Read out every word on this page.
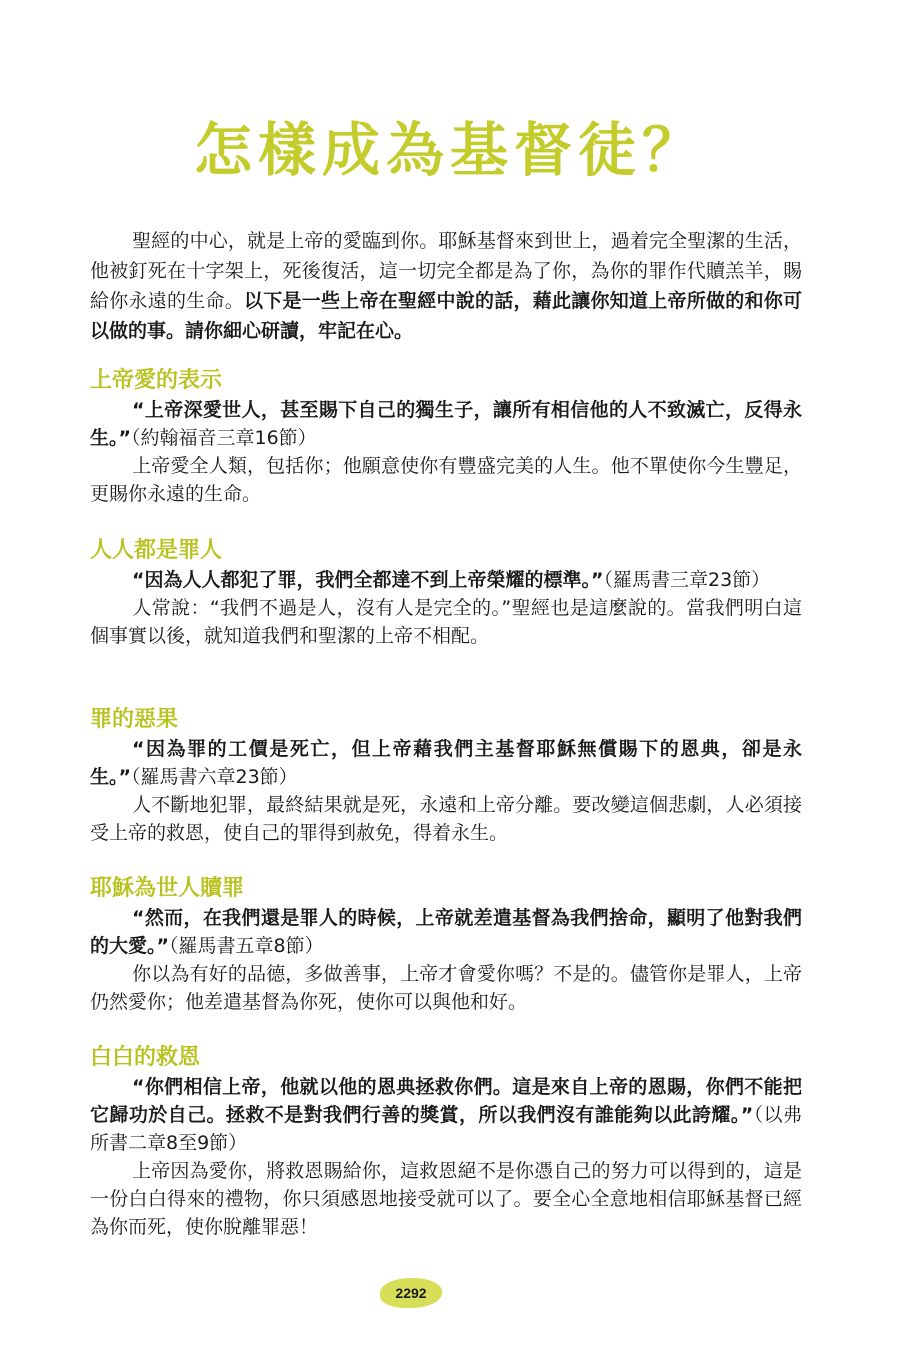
怎樣成為基督徒？
聖經的中心，就是上帝的愛臨到你。耶穌基督來到世上，過着完全聖潔的生活，他被釘死在十字架上，死後復活，這一切完全都是為了你，為你的罪作代贖羔羊，賜給你永遠的生命。以下是一些上帝在聖經中說的話，藉此讓你知道上帝所做的和你可以做的事。請你細心研讀，牢記在心。
上帝愛的表示

“上帝深愛世人，甚至賜下自己的獨生子，讓所有相信他的人不致滅亡，反得永生。”（約翰福音三章16節）

上帝愛全人類，包括你；他願意使你有豐盛完美的人生。他不單使你今生豐足，更賜你永遠的生命。

人人都是罪人

“因為人人都犯了罪，我們全都達不到上帝榮耀的標準。”（羅馬書三章23節）

人常說：“我們不過是人，沒有人是完全的。”聖經也是這麼說的。當我們明白這個事實以後，就知道我們和聖潔的上帝不相配。

罪的惡果

“因為罪的工價是死亡，但上帝藉我們主基督耶穌無償賜下的恩典，卻是永生。”（羅馬書六章23節）

人不斷地犯罪，最終結果就是死，永遠和上帝分離。要改變這個悲劇，人必須接受上帝的救恩，使自己的罪得到赦免，得着永生。

耶穌為世人贖罪

“然而，在我們還是罪人的時候，上帝就差遣基督為我們捨命，顯明了他對我們的大愛。”（羅馬書五章8節）

你以為有好的品德，多做善事，上帝才會愛你嗎？不是的。儘管你是罪人，上帝仍然愛你；他差遣基督為你死，使你可以與他和好。

白白的救恩

“你們相信上帝，他就以他的恩典拯救你們。這是來自上帝的恩賜，你們不能把它歸功於自己。拯救不是對我們行善的獎賞，所以我們沒有誰能夠以此誇耀。”（以弗所書二章8至9節）

上帝因為愛你，將救恩賜給你，這救恩絕不是你憑自己的努力可以得到的，這是一份白白得來的禮物，你只須感恩地接受就可以了。要全心全意地相信耶穌基督已經為你而死，使你脫離罪惡！

2292
